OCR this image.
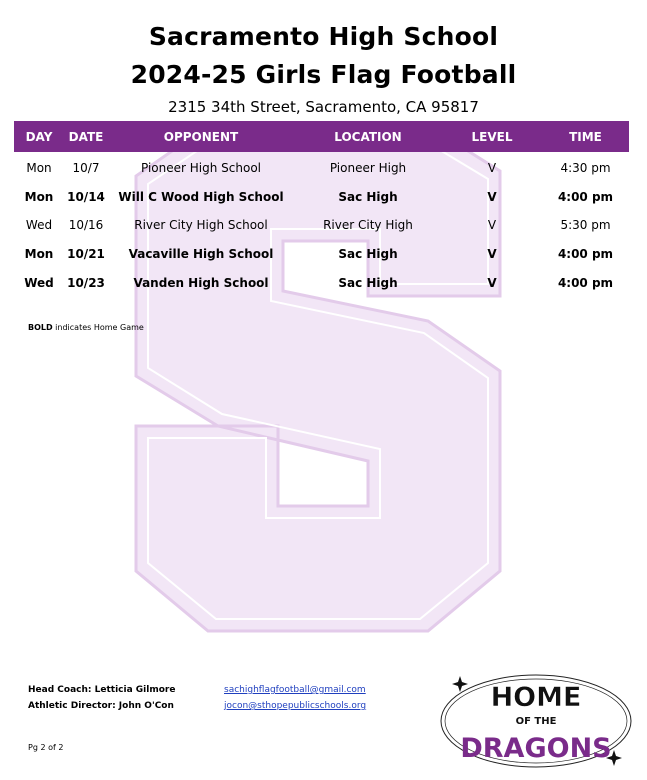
Sacramento High School
2024-25 Girls Flag Football
2315 34th Street, Sacramento, CA 95817
DAY	DATE	OPPONENT	LOCATION	LEVEL	TIME
Mon	10/7	Pioneer High School	Pioneer High	V	4:30 pm
Mon	10/14	Will C Wood High School	Sac High	V	4:00 pm
Wed	10/16	River City High School	River City High	V	5:30 pm
Mon	10/21	Vacaville High School	Sac High	V	4:00 pm
Wed	10/23	Vanden High School	Sac High	V	4:00 pm
BOLD indicates Home Game
Head Coach: Letticia Gilmore
Athletic Director: John O'Con
sachighflagfootball@gmail.com
jocon@sthopepublicschools.org
Pg 2 of 2
HOME
OF THE
DRAGONS
